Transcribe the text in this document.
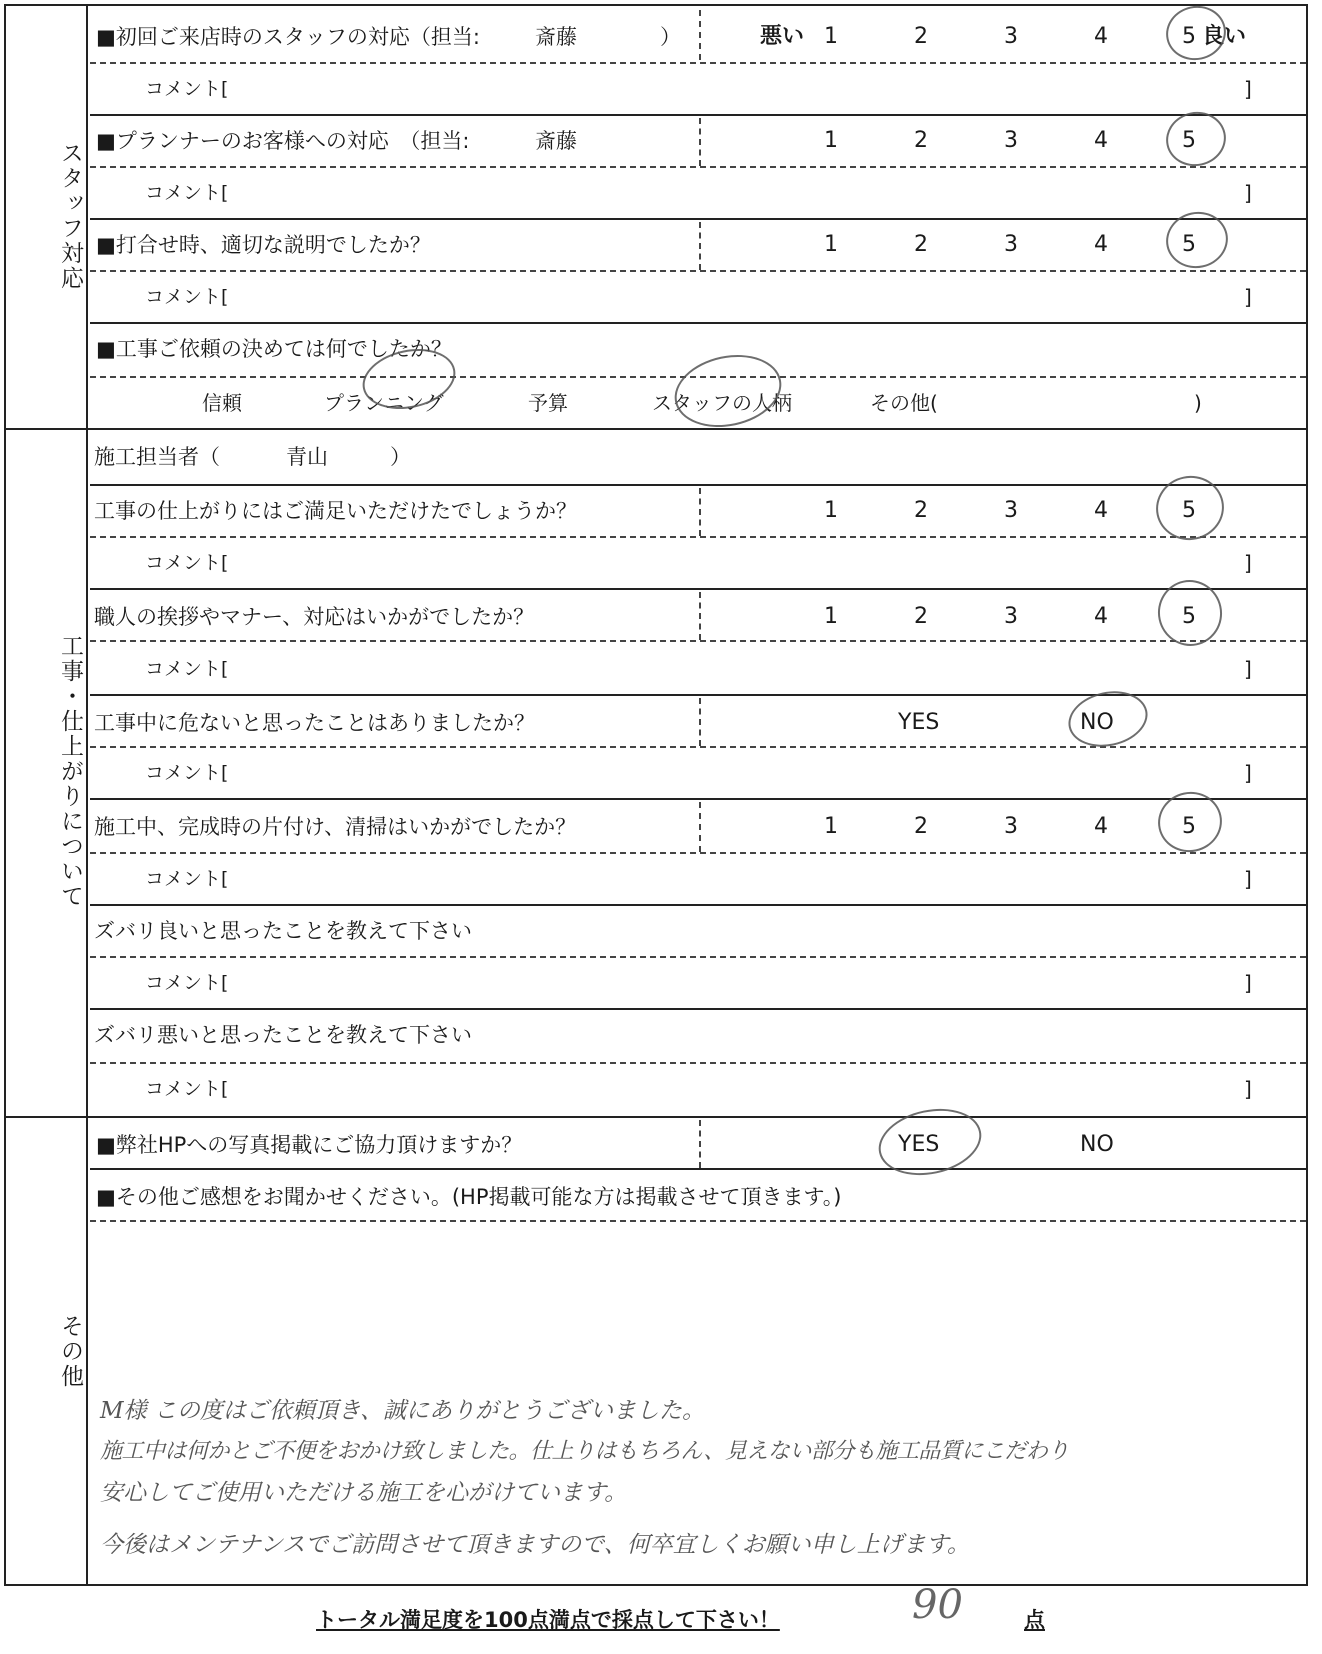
スタッフ対応
工事・仕上がりについて
その他
■初回ご来店時のスタッフの対応（担当:	斎藤	）	悪い 1	2	3	4	5 良い
コメント[	]
■プランナーのお客様への対応　（担当:	斎藤	1	2	3	4	5
コメント[	]
■打合せ時、適切な説明でしたか？	1	2	3	4	5
コメント[	]
■工事ご依頼の決めては何でしたか？
信頼	プランニング	予算	スタッフの人柄	その他(	)
施工担当者（	青山	）
工事の仕上がりにはご満足いただけたでしょうか？	1	2	3	4	5
コメント[	]
職人の挨拶やマナー、対応はいかがでしたか？	1	2	3	4	5
コメント[	]
工事中に危ないと思ったことはありましたか？	YES	NO
コメント[	]
施工中、完成時の片付け、清掃はいかがでしたか？	1	2	3	4	5
コメント[	]
ズバリ良いと思ったことを教えて下さい
コメント[	]
ズバリ悪いと思ったことを教えて下さい
コメント[	]
■弊社HPへの写真掲載にご協力頂けますか？	YES	NO
■その他ご感想をお聞かせください。(HP掲載可能な方は掲載させて頂きます。)
M様 この度はご依頼頂き、誠にありがとうございました。
施工中は何かとご不便をおかけ致しました。仕上りはもちろん、見えない部分も施工品質にこだわり
安心してご使用いただける施工を心がけています。
今後はメンテナンスでご訪問させて頂きますので、何卒宜しくお願い申し上げます。
トータル満足度を100点満点で採点して下さい！	90	点
